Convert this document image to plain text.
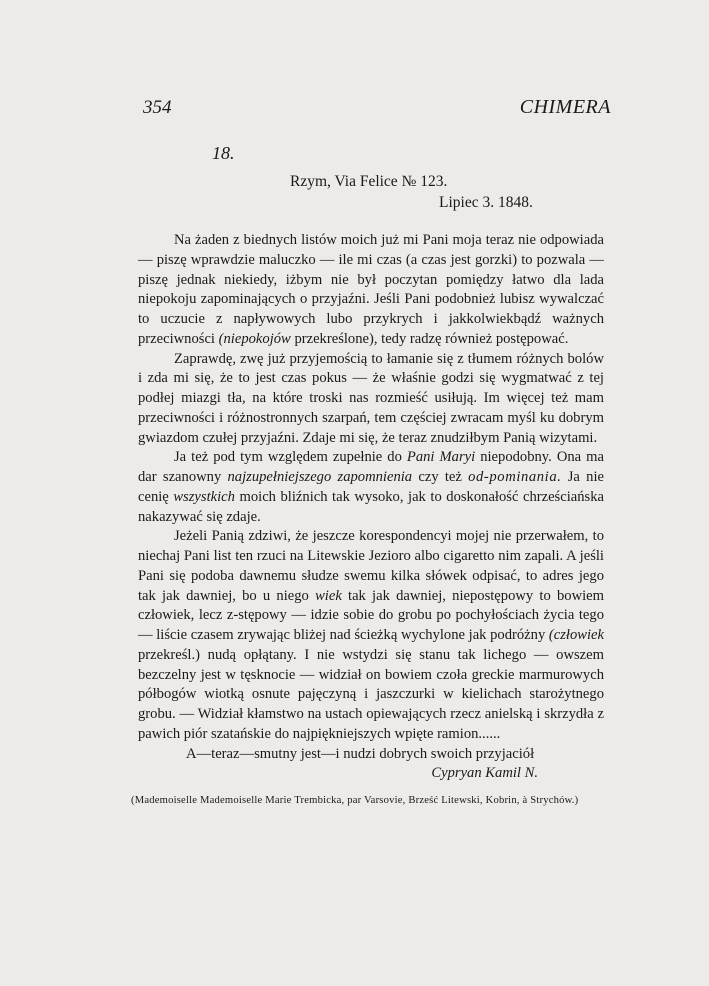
354	CHIMERA
18.
Rzym, Via Felice № 123.
Lipiec 3. 1848.

Na żaden z biednych listów moich już mi Pani moja teraz nie odpowiada — piszę wprawdzie maluczko — ile mi czas (a czas jest gorzki) to pozwala — piszę jednak niekiedy, iżbym nie był poczytan pomiędzy łatwo dla lada niepokoju zapominających o przyjaźni. Jeśli Pani podobnież lubisz wywalczać to uczucie z napływowych lubo przykrych i jakkolwiekbądź ważnych przeciwności (niepokojów przekreślone), tedy radzę również postępować.

Zaprawdę, zwę już przyjemością to łamanie się z tłumem różnych bolów i zda mi się, że to jest czas pokus — że właśnie godzi się wygmatwać z tej podłej miazgi tła, na które troski nas rozmieść usiłują. Im więcej też mam przeciwności i różnostronnych szarpań, tem częściej zwracam myśl ku dobrym gwiazdom czułej przyjaźni. Zdaje mi się, że teraz znudziłbym Panią wizytami.

Ja też pod tym względem zupełnie do Pani Maryi niepodobny. Ona ma dar szanowny najzupełniejszego zapomnienia czy też od-pominania. Ja nie cenię wszystkich moich bliźnich tak wysoko, jak to doskonałość chrześciańska nakazywać się zdaje.

Jeżeli Panią zdziwi, że jeszcze korespondencyi mojej nie przerwałem, to niechaj Pani list ten rzuci na Litewskie Jezioro albo cigaretto nim zapali. A jeśli Pani się podoba dawnemu słudze swemu kilka słówek odpisać, to adres jego tak jak dawniej, bo u niego wiek tak jak dawniej, niepostępowy to bowiem człowiek, lecz z-stępowy — idzie sobie do grobu po pochyłościach życia tego — liście czasem zrywając bliżej nad ścieżką wychylone jak podróżny (człowiek przekreśl.) nudą opłątany. I nie wstydzi się stanu tak lichego — owszem bezczelny jest w tęsknocie — widział on bowiem czoła greckie marmurowych półbogów wiotką osnute pajęczyną i jaszczurki w kielichach starożytnego grobu. — Widział kłamstwo na ustach opiewających rzecz anielską i skrzydła z pawich piór szatańskie do najpiękniejszych wpięte ramion......

A—teraz—smutny jest—i nudzi dobrych swoich przyjaciół

Cypryan Kamil N.

(Mademoiselle Mademoiselle Marie Trembicka, par Varsovie, Brześć Litewski, Kobrin, à Strychów.)
